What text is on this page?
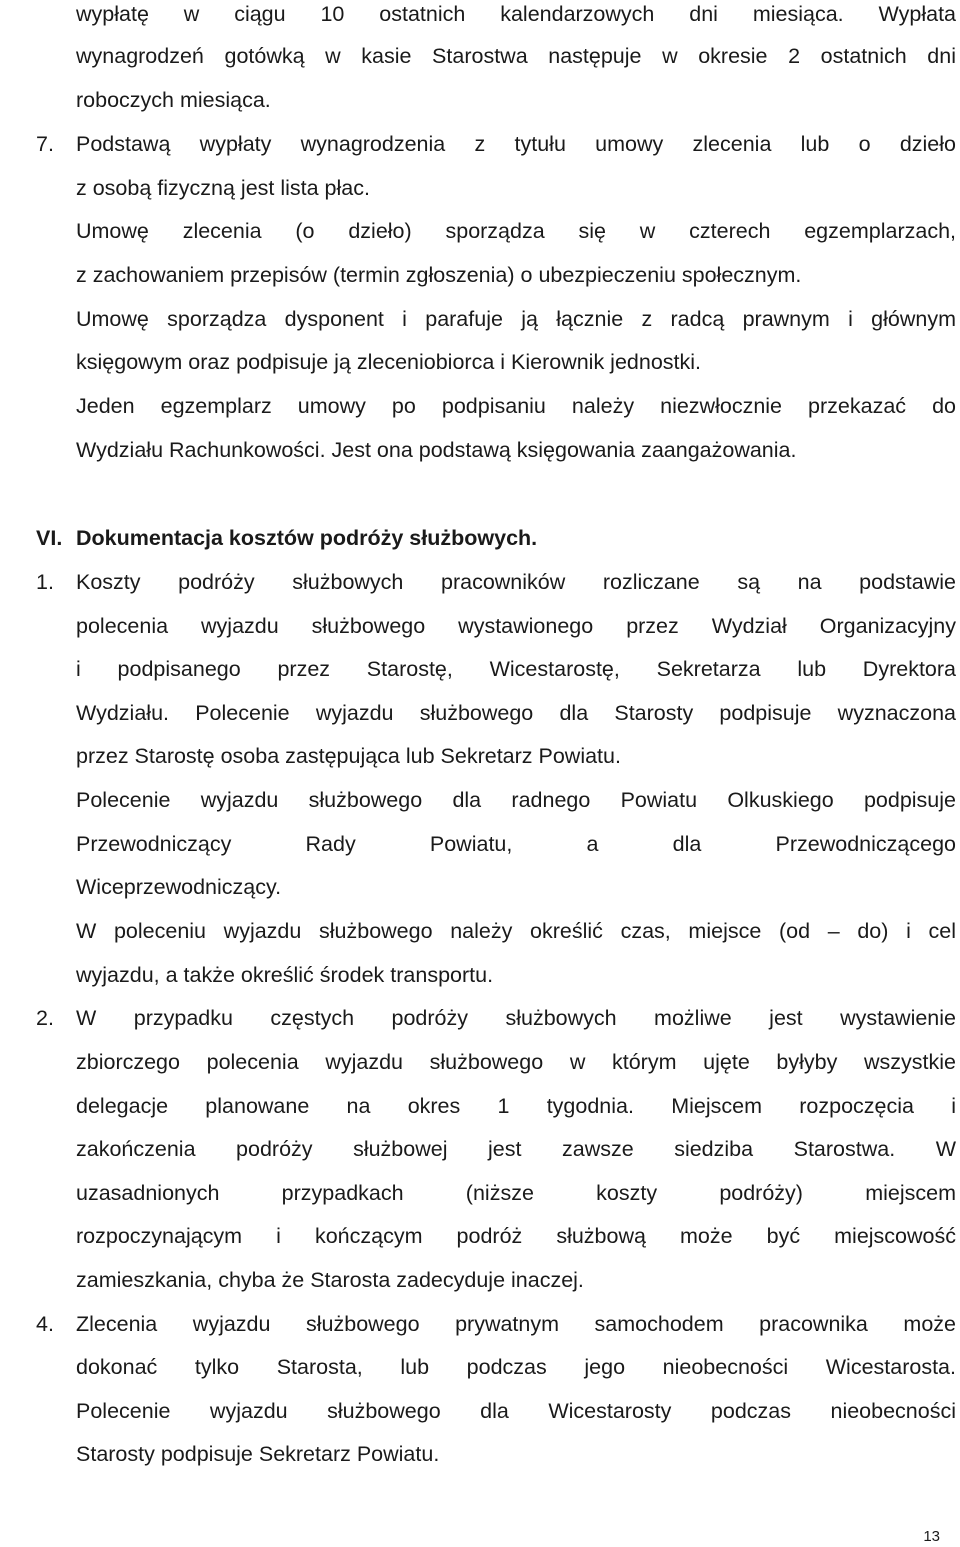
wypłatę w ciągu 10 ostatnich kalendarzowych dni miesiąca. Wypłata
wynagrodzeń gotówką w kasie Starostwa następuje w okresie 2 ostatnich dni
roboczych miesiąca.
7. Podstawą wypłaty wynagrodzenia z tytułu umowy zlecenia lub o dzieło
z osobą fizyczną jest lista płac.
Umowę zlecenia (o dzieło) sporządza się w czterech egzemplarzach,
z zachowaniem przepisów (termin zgłoszenia) o ubezpieczeniu społecznym.
Umowę sporządza dysponent i parafuje ją łącznie z radcą prawnym i głównym
księgowym oraz podpisuje ją zleceniobiorca i Kierownik jednostki.
Jeden egzemplarz umowy po podpisaniu należy niezwłocznie przekazać do
Wydziału Rachunkowości. Jest ona podstawą księgowania zaangażowania.
VI. Dokumentacja kosztów podróży służbowych.
1. Koszty podróży służbowych pracowników rozliczane są na podstawie
polecenia wyjazdu służbowego wystawionego przez Wydział Organizacyjny
i podpisanego przez Starostę, Wicestarostę, Sekretarza lub Dyrektora
Wydziału. Polecenie wyjazdu służbowego dla Starosty podpisuje wyznaczona
przez Starostę osoba zastępująca lub Sekretarz Powiatu.
Polecenie wyjazdu służbowego dla radnego Powiatu Olkuskiego podpisuje
Przewodniczący Rady Powiatu, a dla Przewodniczącego
Wiceprzewodniczący.
W poleceniu wyjazdu służbowego należy określić czas, miejsce (od – do) i cel
wyjazdu, a także określić środek transportu.
2. W przypadku częstych podróży służbowych możliwe jest wystawienie
zbiorczego polecenia wyjazdu służbowego w którym ujęte byłyby wszystkie
delegacje planowane na okres 1 tygodnia. Miejscem rozpoczęcia i
zakończenia podróży służbowej jest zawsze siedziba Starostwa. W
uzasadnionych przypadkach (niższe koszty podróży) miejscem
rozpoczynającym i kończącym podróż służbową może być miejscowość
zamieszkania, chyba że Starosta zadecyduje inaczej.
4. Zlecenia wyjazdu służbowego prywatnym samochodem pracownika może
dokonać tylko Starosta, lub podczas jego nieobecności Wicestarosta.
Polecenie wyjazdu służbowego dla Wicestarosty podczas nieobecności
Starosty podpisuje Sekretarz Powiatu.
13
